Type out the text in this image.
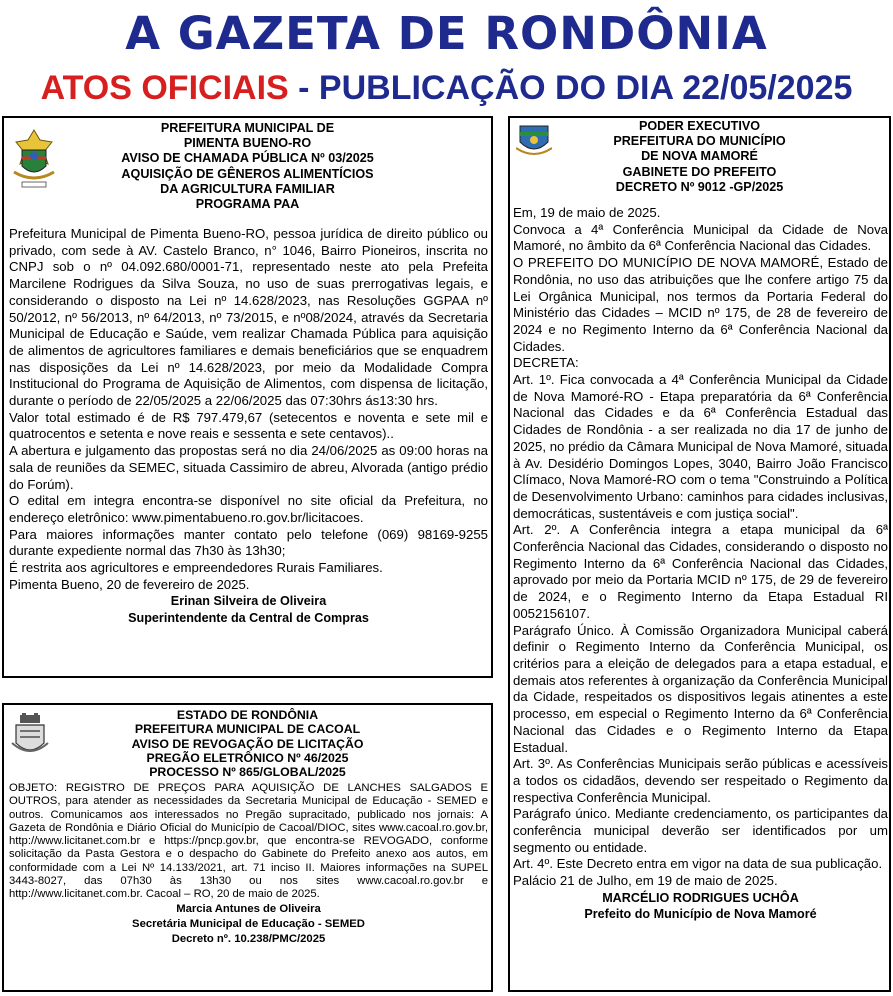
A GAZETA DE RONDÔNIA
ATOS OFICIAIS - PUBLICAÇÃO DO DIA 22/05/2025
PREFEITURA MUNICIPAL DE
PIMENTA BUENO-RO
AVISO DE CHAMADA PÚBLICA Nº 03/2025
AQUISIÇÃO DE GÊNEROS ALIMENTÍCIOS
DA AGRICULTURA FAMILIAR
PROGRAMA PAA

Prefeitura Municipal de Pimenta Bueno-RO, pessoa jurídica de direito público ou privado, com sede à AV. Castelo Branco, n° 1046, Bairro Pioneiros, inscrita no CNPJ sob o nº 04.092.680/0001-71, representado neste ato pela Prefeita Marcilene Rodrigues da Silva Souza, no uso de suas prerrogativas legais, e considerando o disposto na Lei nº 14.628/2023, nas Resoluções GGPAA nº 50/2012, nº 56/2013, nº 64/2013, nº 73/2015, e nº08/2024, através da Secretaria Municipal de Educação e Saúde, vem realizar Chamada Pública para aquisição de alimentos de agricultores familiares e demais beneficiários que se enquadrem nas disposições da Lei nº 14.628/2023, por meio da Modalidade Compra Institucional do Programa de Aquisição de Alimentos, com dispensa de licitação, durante o período de 22/05/2025 a 22/06/2025 das 07:30hrs ás13:30 hrs.

Valor total estimado é de R$ 797.479,67 (setecentos e noventa e sete mil e quatrocentos e setenta e nove reais e sessenta e sete centavos)..

A abertura e julgamento das propostas será no dia 24/06/2025 as 09:00 horas na sala de reuniões da SEMEC, situada Cassimiro de abreu, Alvorada (antigo prédio do Forúm).

O edital em integra encontra-se disponível no site oficial da Prefeitura, no endereço eletrônico: www.pimentabueno.ro.gov.br/licitacoes.

Para maiores informações manter contato pelo telefone (069) 98169-9255 durante expediente normal das 7h30 às 13h30;

É restrita aos agricultores e empreendedores Rurais Familiares.

Pimenta Bueno, 20 de fevereiro de 2025.

Erinan Silveira de Oliveira
Superintendente da Central de Compras
ESTADO DE RONDÔNIA
PREFEITURA MUNICIPAL DE CACOAL
AVISO DE REVOGAÇÃO DE LICITAÇÃO
PREGÃO ELETRÔNICO Nº 46/2025
PROCESSO Nº 865/GLOBAL/2025

OBJETO: REGISTRO DE PREÇOS PARA AQUISIÇÃO DE LANCHES SALGADOS E OUTROS, para atender as necessidades da Secretaria Municipal de Educação - SEMED e outros. Comunicamos aos interessados no Pregão supracitado, publicado nos jornais: A Gazeta de Rondônia e Diário Oficial do Município de Cacoal/DIOC, sites www.cacoal.ro.gov.br, http://www.licitanet.com.br e https://pncp.gov.br, que encontra-se REVOGADO, conforme solicitação da Pasta Gestora e o despacho do Gabinete do Prefeito anexo aos autos, em conformidade com a Lei Nº 14.133/2021, art. 71 inciso II. Maiores informações na SUPEL 3443-8027, das 07h30 às 13h30 ou nos sites www.cacoal.ro.gov.br e http://www.licitanet.com.br. Cacoal – RO, 20 de maio de 2025.

Marcia Antunes de Oliveira
Secretária Municipal de Educação - SEMED
Decreto nº. 10.238/PMC/2025
PODER EXECUTIVO
PREFEITURA DO MUNICÍPIO
DE NOVA MAMORÉ
GABINETE DO PREFEITO
DECRETO Nº 9012 -GP/2025

Em, 19 de maio de 2025.

Convoca a 4ª Conferência Municipal da Cidade de Nova Mamoré, no âmbito da 6ª Conferência Nacional das Cidades.

O PREFEITO DO MUNICÍPIO DE NOVA MAMORÉ, Estado de Rondônia, no uso das atribuições que lhe confere artigo 75 da Lei Orgânica Municipal, nos termos da Portaria Federal do Ministério das Cidades – MCID nº 175, de 28 de fevereiro de 2024 e no Regimento Interno da 6ª Conferência Nacional da Cidades.

DECRETA:

Art. 1º. Fica convocada a 4ª Conferência Municipal da Cidade de Nova Mamoré-RO - Etapa preparatória da 6ª Conferência Nacional das Cidades e da 6ª Conferência Estadual das Cidades de Rondônia - a ser realizada no dia 17 de junho de 2025, no prédio da Câmara Municipal de Nova Mamoré, situada à Av. Desidério Domingos Lopes, 3040, Bairro João Francisco Clímaco, Nova Mamoré-RO com o tema "Construindo a Política de Desenvolvimento Urbano: caminhos para cidades inclusivas, democráticas, sustentáveis e com justiça social".

Art. 2º. A Conferência integra a etapa municipal da 6ª Conferência Nacional das Cidades, considerando o disposto no Regimento Interno da 6ª Conferência Nacional das Cidades, aprovado por meio da Portaria MCID nº 175, de 29 de fevereiro de 2024, e o Regimento Interno da Etapa Estadual RI 0052156107.

Parágrafo Único. À Comissão Organizadora Municipal caberá definir o Regimento Interno da Conferência Municipal, os critérios para a eleição de delegados para a etapa estadual, e demais atos referentes à organização da Conferência Municipal da Cidade, respeitados os dispositivos legais atinentes a este processo, em especial o Regimento Interno da 6ª Conferência Nacional das Cidades e o Regimento Interno da Etapa Estadual.

Art. 3º. As Conferências Municipais serão públicas e acessíveis a todos os cidadãos, devendo ser respeitado o Regimento da respectiva Conferência Municipal.

Parágrafo único. Mediante credenciamento, os participantes da conferência municipal deverão ser identificados por um segmento ou entidade.

Art. 4º. Este Decreto entra em vigor na data de sua publicação.

Palácio 21 de Julho, em 19 de maio de 2025.

MARCÉLIO RODRIGUES UCHÔA
Prefeito do Município de Nova Mamoré
